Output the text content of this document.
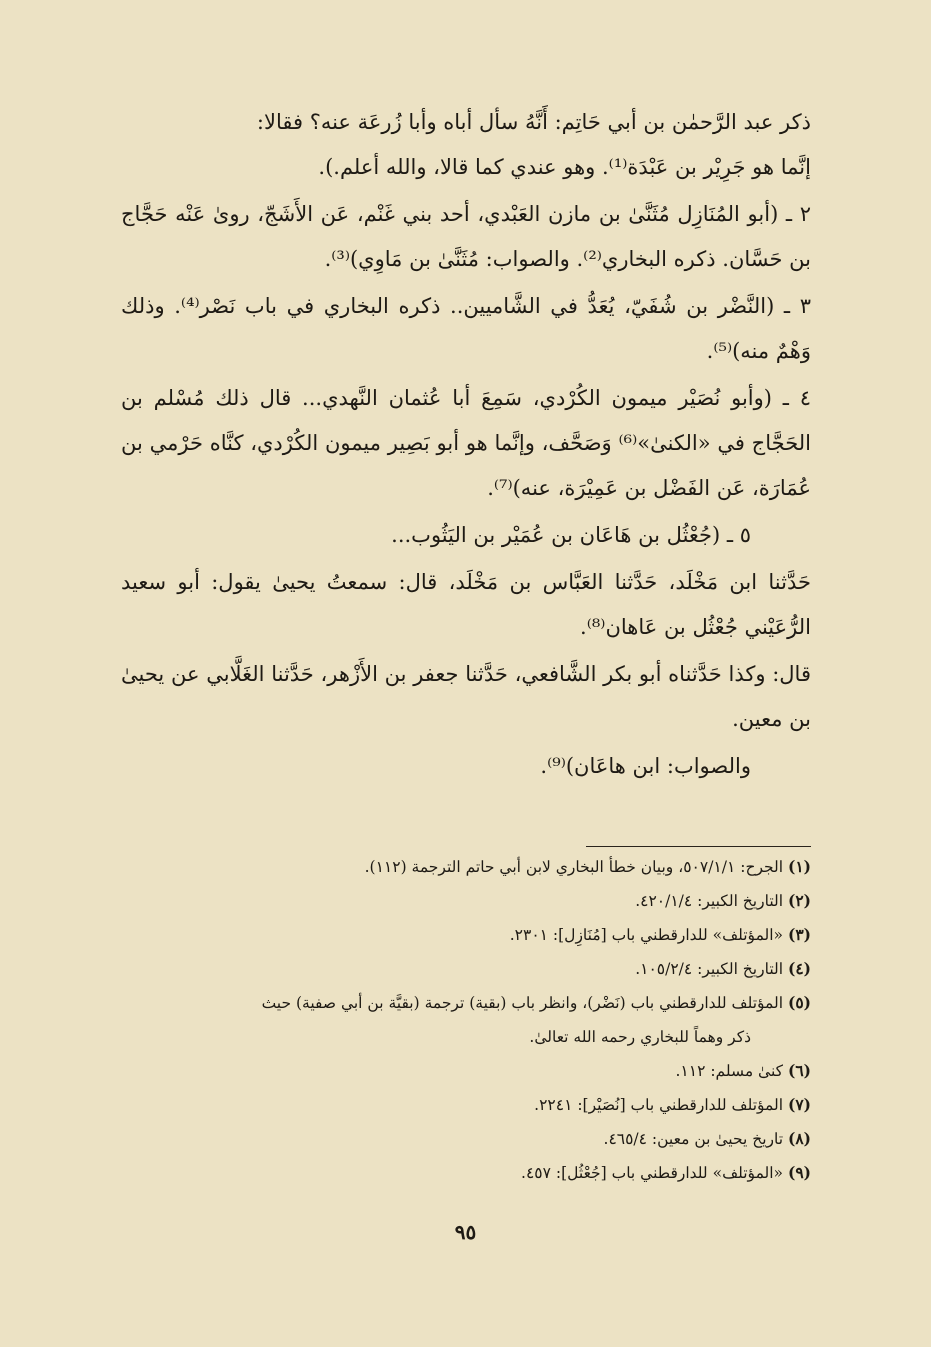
ذكر عبد الرَّحمٰن بن أبي حَاتِم: أَنَّهُ سأل أباه وأبا زُرعَة عنه؟ فقالا:

إنَّما هو جَرِيْر بن عَبْدَة⁽¹⁾. وهو عندي كما قالا، والله أعلم.).

٢ ـ (أبو المُنَازِل مُثَنَّىٰ بن مازن العَبْدي، أحد بني غَنْم، عَن الأَشَجّ، روىٰ عَنْه حَجَّاج بن حَسَّان. ذكره البخاري⁽²⁾. والصواب: مُثَنَّىٰ بن مَاوِي)⁽³⁾.

٣ ـ (النَّضْر بن شُفَيّ، يُعَدُّ في الشَّاميين.. ذكره البخاري في باب نَصْر⁽⁴⁾. وذلك وَهْمٌ منه)⁽⁵⁾.

٤ ـ (وأبو نُصَيْر ميمون الكُرْدي، سَمِعَ أبا عُثمان النَّهدي... قال ذلك مُسْلم بن الحَجَّاج في «الكنىٰ»⁽⁶⁾ وَصَحَّف، وإنَّما هو أبو بَصِير ميمون الكُرْدي، كنَّاه حَرْمي بن عُمَارَة، عَن الفَضْل بن عَمِيْرَة، عنه)⁽⁷⁾.

٥ ـ (جُعْثُل بن هَاعَان بن عُمَيْر بن اليَثُوب...

حَدَّثنا ابن مَخْلَد، حَدَّثنا العَبَّاس بن مَخْلَد، قال: سمعتُ يحيىٰ يقول: أبو سعيد الرُّعَيْني جُعْثُل بن عَاهان⁽⁸⁾.

قال: وكذا حَدَّثناه أبو بكر الشَّافعي، حَدَّثنا جعفر بن الأَزْهر، حَدَّثنا الغَلَّابي عن يحيىٰ بن معين.

والصواب: ابن هاعَان)⁽⁹⁾.

(١) الجرح: ٥٠٧/١/١، وبيان خطأ البخاري لابن أبي حاتم الترجمة (١١٢).

(٢) التاريخ الكبير: ٤٢٠/١/٤.

(٣) «المؤتلف» للدارقطني باب [مُنَازِل]: ٢٣٠١.

(٤) التاريخ الكبير: ١٠٥/٢/٤.

(٥) المؤتلف للدارقطني باب (نَضْر)، وانظر باب (بقية) ترجمة (بقيَّة بن أبي صفية) حيث

ذكر وهماً للبخاري رحمه الله تعالىٰ.

(٦) كنىٰ مسلم: ١١٢.

(٧) المؤتلف للدارقطني باب [نُصَيْر]: ٢٢٤١.

(٨) تاريخ يحيىٰ بن معين: ٤٦٥/٤.

(٩) «المؤتلف» للدارقطني باب [جُعْثُل]: ٤٥٧.

٩٥
